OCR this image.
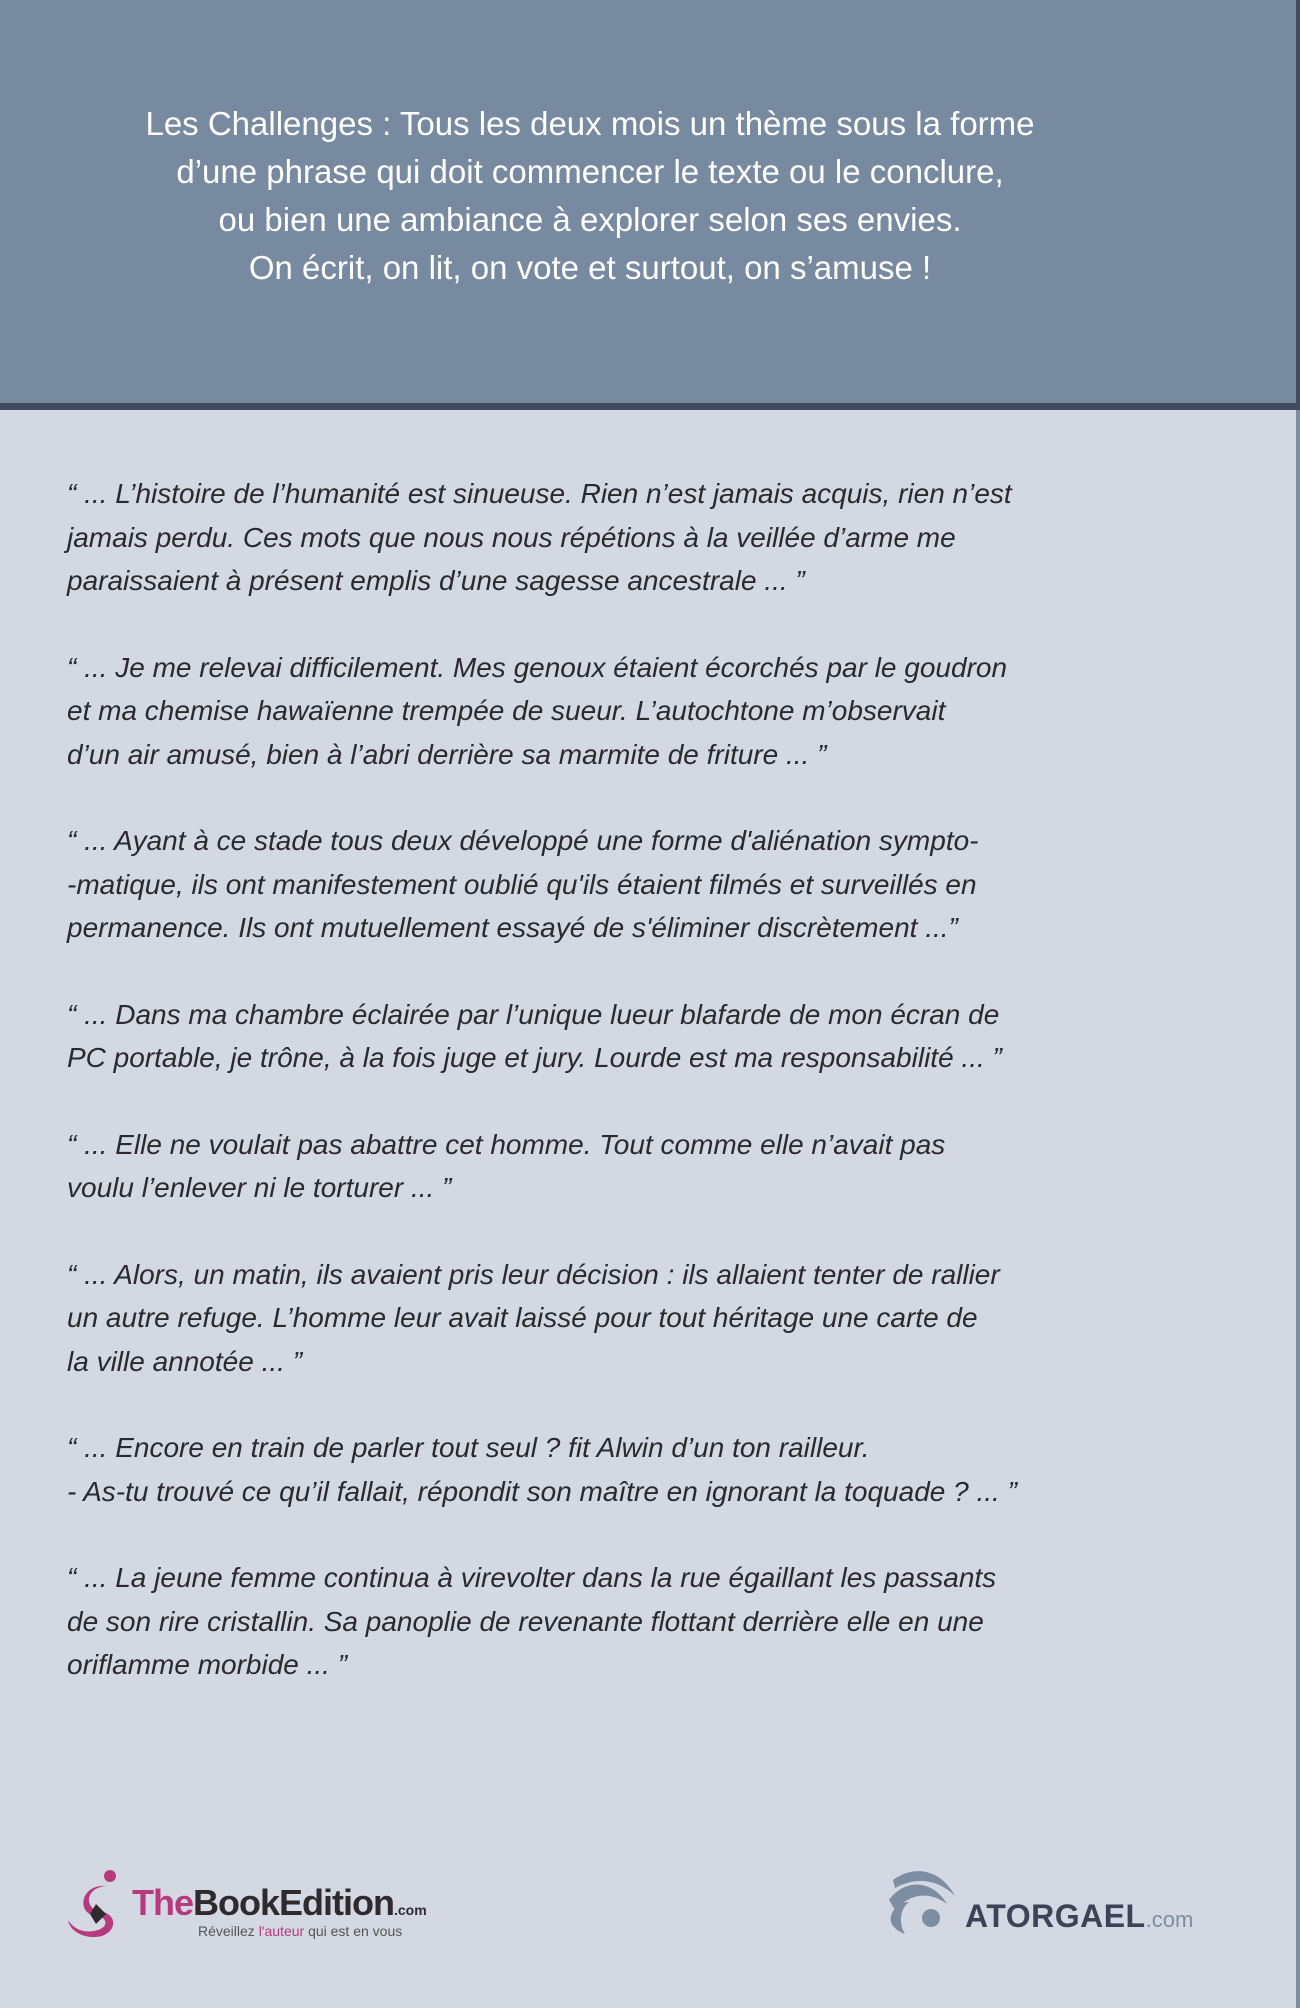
Les Challenges : Tous les deux mois un thème sous la forme
d’une phrase qui doit commencer le texte ou le conclure,
ou bien une ambiance à explorer selon ses envies.
On écrit, on lit, on vote et surtout, on s’amuse !
“ ... L’histoire de l’humanité est sinueuse. Rien n’est jamais acquis, rien n’est
jamais perdu. Ces mots que nous nous répétions à la veillée d’arme me
paraissaient à présent emplis d’une sagesse ancestrale ... ”
“ ... Je me relevai difficilement. Mes genoux étaient écorchés par le goudron
et ma chemise hawaïenne trempée de sueur. L’autochtone m’observait
d’un air amusé, bien à l’abri derrière sa marmite de friture ... ”
“ ... Ayant à ce stade tous deux développé une forme d'aliénation sympto-
-matique, ils ont manifestement oublié qu'ils étaient filmés et surveillés en
permanence. Ils ont mutuellement essayé de s'éliminer discrètement ...”
“ ... Dans ma chambre éclairée par l’unique lueur blafarde de mon écran de
PC portable, je trône, à la fois juge et jury. Lourde est ma responsabilité ... ”
“ ... Elle ne voulait pas abattre cet homme. Tout comme elle n’avait pas
voulu l’enlever ni le torturer ... ”
“ ... Alors, un matin, ils avaient pris leur décision : ils allaient tenter de rallier
un autre refuge. L’homme leur avait laissé pour tout héritage une carte de
la ville annotée ... ”
“ ... Encore en train de parler tout seul ? fit Alwin d’un ton railleur.
- As-tu trouvé ce qu’il fallait, répondit son maître en ignorant la toquade ? ... ”
“ ... La jeune femme continua à virevolter dans la rue égaillant les passants
de son rire cristallin. Sa panoplie de revenante flottant derrière elle en une
oriflamme morbide ... ”
TheBookEdition.com
Réveillez l'auteur qui est en vous	ATORGAEL.com
